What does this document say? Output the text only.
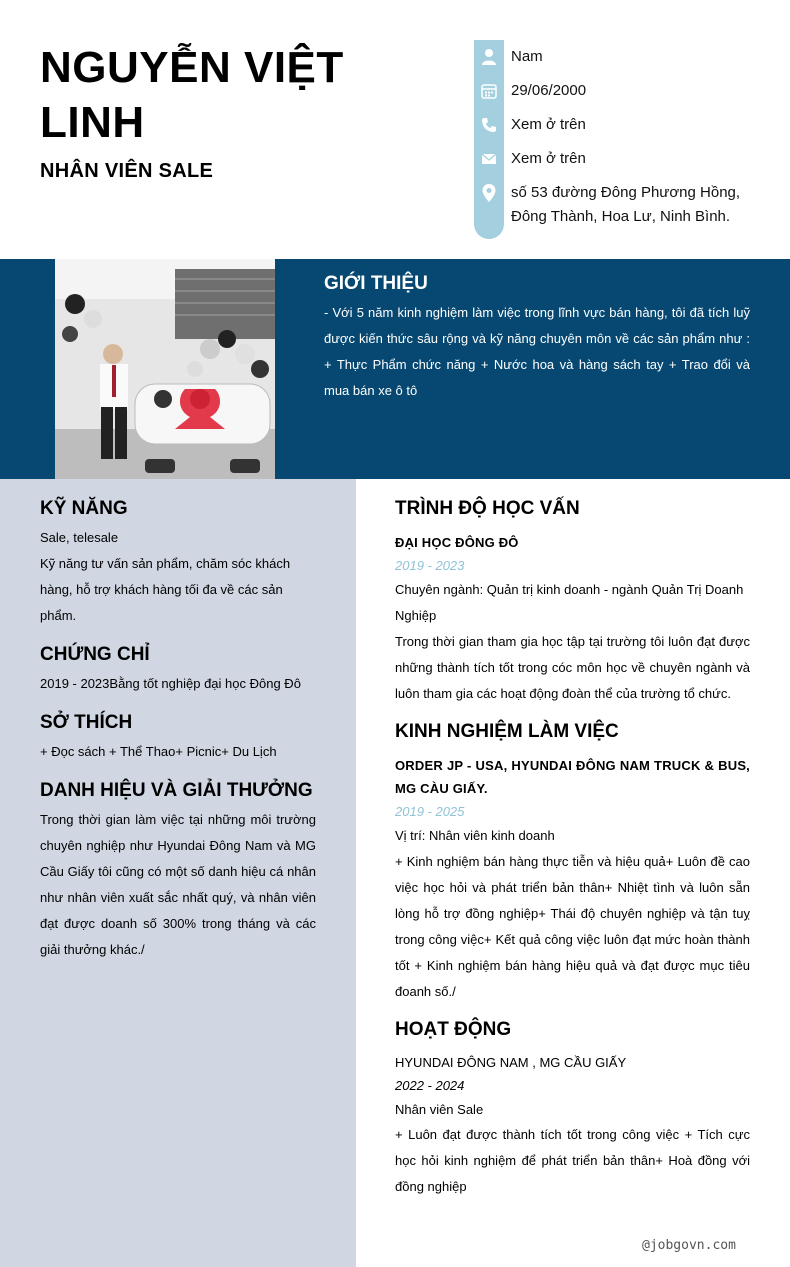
NGUYỄN VIỆT LINH
NHÂN VIÊN SALE
Nam
29/06/2000
Xem ở trên
Xem ở trên
số 53 đường Đông Phương Hồng, Đông Thành, Hoa Lư, Ninh Bình.
GIỚI THIỆU
- Với 5 năm kinh nghiệm làm việc trong lĩnh vực bán hàng, tôi đã tích luỹ được kiến thức sâu rộng và kỹ năng chuyên môn về các sản phẩm như : + Thực Phẩm chức năng + Nước hoa và hàng sách tay + Trao đổi và mua bán xe ô tô
KỸ NĂNG
Sale, telesale
Kỹ năng tư vấn sản phẩm, chăm sóc khách hàng, hỗ trợ khách hàng tối đa về các sản phẩm.
CHỨNG CHỈ
2019 - 2023Bằng tốt nghiệp đại học Đông Đô
SỞ THÍCH
+ Đọc sách + Thể Thao+ Picnic+ Du Lịch
DANH HIỆU VÀ GIẢI THƯỞNG
Trong thời gian làm việc tại những môi trường chuyên nghiệp như Hyundai Đông Nam và MG Cầu Giấy tôi cũng có một số danh hiệu cá nhân như nhân viên xuất sắc nhất quý, và nhân viên đạt được doanh số 300% trong tháng và các giải thưởng khác./
TRÌNH ĐỘ HỌC VẤN
ĐẠI HỌC ĐÔNG ĐÔ
2019 - 2023
Chuyên ngành: Quản trị kinh doanh - ngành Quản Trị Doanh Nghiệp
Trong thời gian tham gia học tập tại trường tôi luôn đạt được những thành tích tốt trong cóc môn học về chuyên ngành và luôn tham gia các hoạt động đoàn thể của trường tổ chức.
KINH NGHIỆM LÀM VIỆC
ORDER JP - USA, HYUNDAI ĐÔNG NAM TRUCK & BUS, MG CÀU GIẤY.
2019 - 2025
Vị trí: Nhân viên kinh doanh
+ Kinh nghiệm bán hàng thực tiễn và hiệu quả+ Luôn đề cao việc học hỏi và phát triển bản thân+ Nhiệt tình và luôn sẵn lòng hỗ trợ đồng nghiệp+ Thái độ chuyên nghiệp và tận tuỵ trong công việc+ Kết quả công việc luôn đạt mức hoàn thành tốt + Kinh nghiệm bán hàng hiệu quả và đạt được mục tiêu đoanh số./
HOẠT ĐỘNG
HYUNDAI ĐÔNG NAM , MG CẦU GIẤY
2022 - 2024
Nhân viên Sale
+ Luôn đạt được thành tích tốt trong công việc + Tích cực học hỏi kinh nghiệm để phát triển bản thân+ Hoà đồng với đồng nghiệp
@jobgovn.com
